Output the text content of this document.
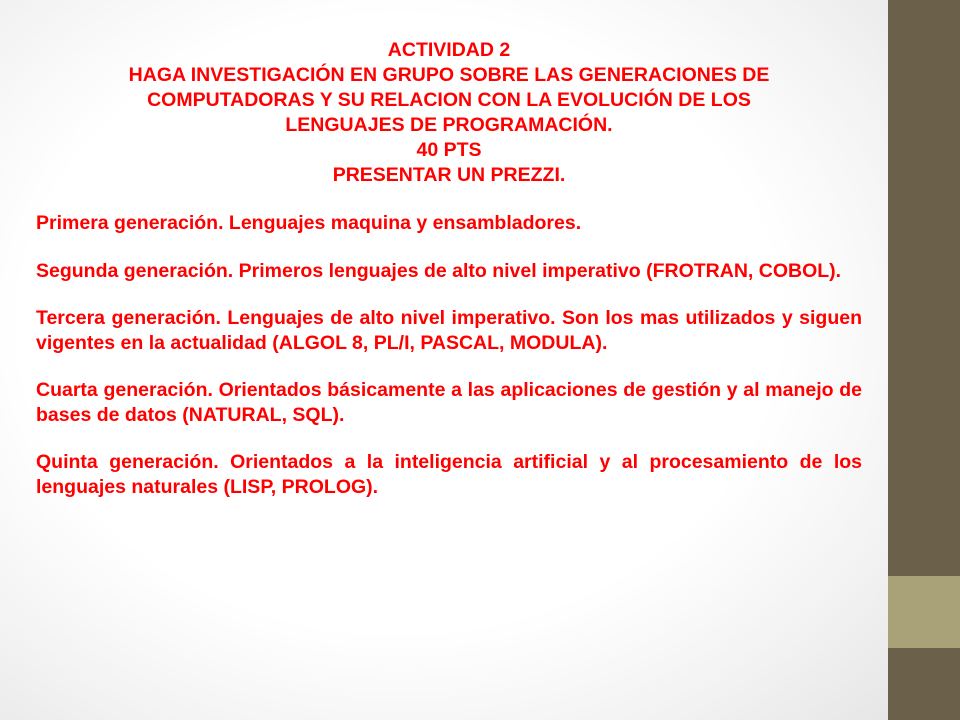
ACTIVIDAD 2
HAGA INVESTIGACIÓN EN GRUPO SOBRE LAS GENERACIONES DE
COMPUTADORAS Y SU RELACION CON LA EVOLUCIÓN DE LOS
LENGUAJES DE PROGRAMACIÓN.
40 PTS
PRESENTAR UN PREZZI.

Primera generación. Lenguajes maquina y ensambladores.

Segunda generación. Primeros lenguajes de alto nivel imperativo (FROTRAN, COBOL).

Tercera generación. Lenguajes de alto nivel imperativo. Son los mas utilizados y siguen vigentes en la actualidad (ALGOL 8, PL/I, PASCAL, MODULA).

Cuarta generación. Orientados básicamente a las aplicaciones de gestión y al manejo de bases de datos (NATURAL, SQL).

Quinta generación. Orientados a la inteligencia artificial y al procesamiento de los lenguajes naturales (LISP, PROLOG).
